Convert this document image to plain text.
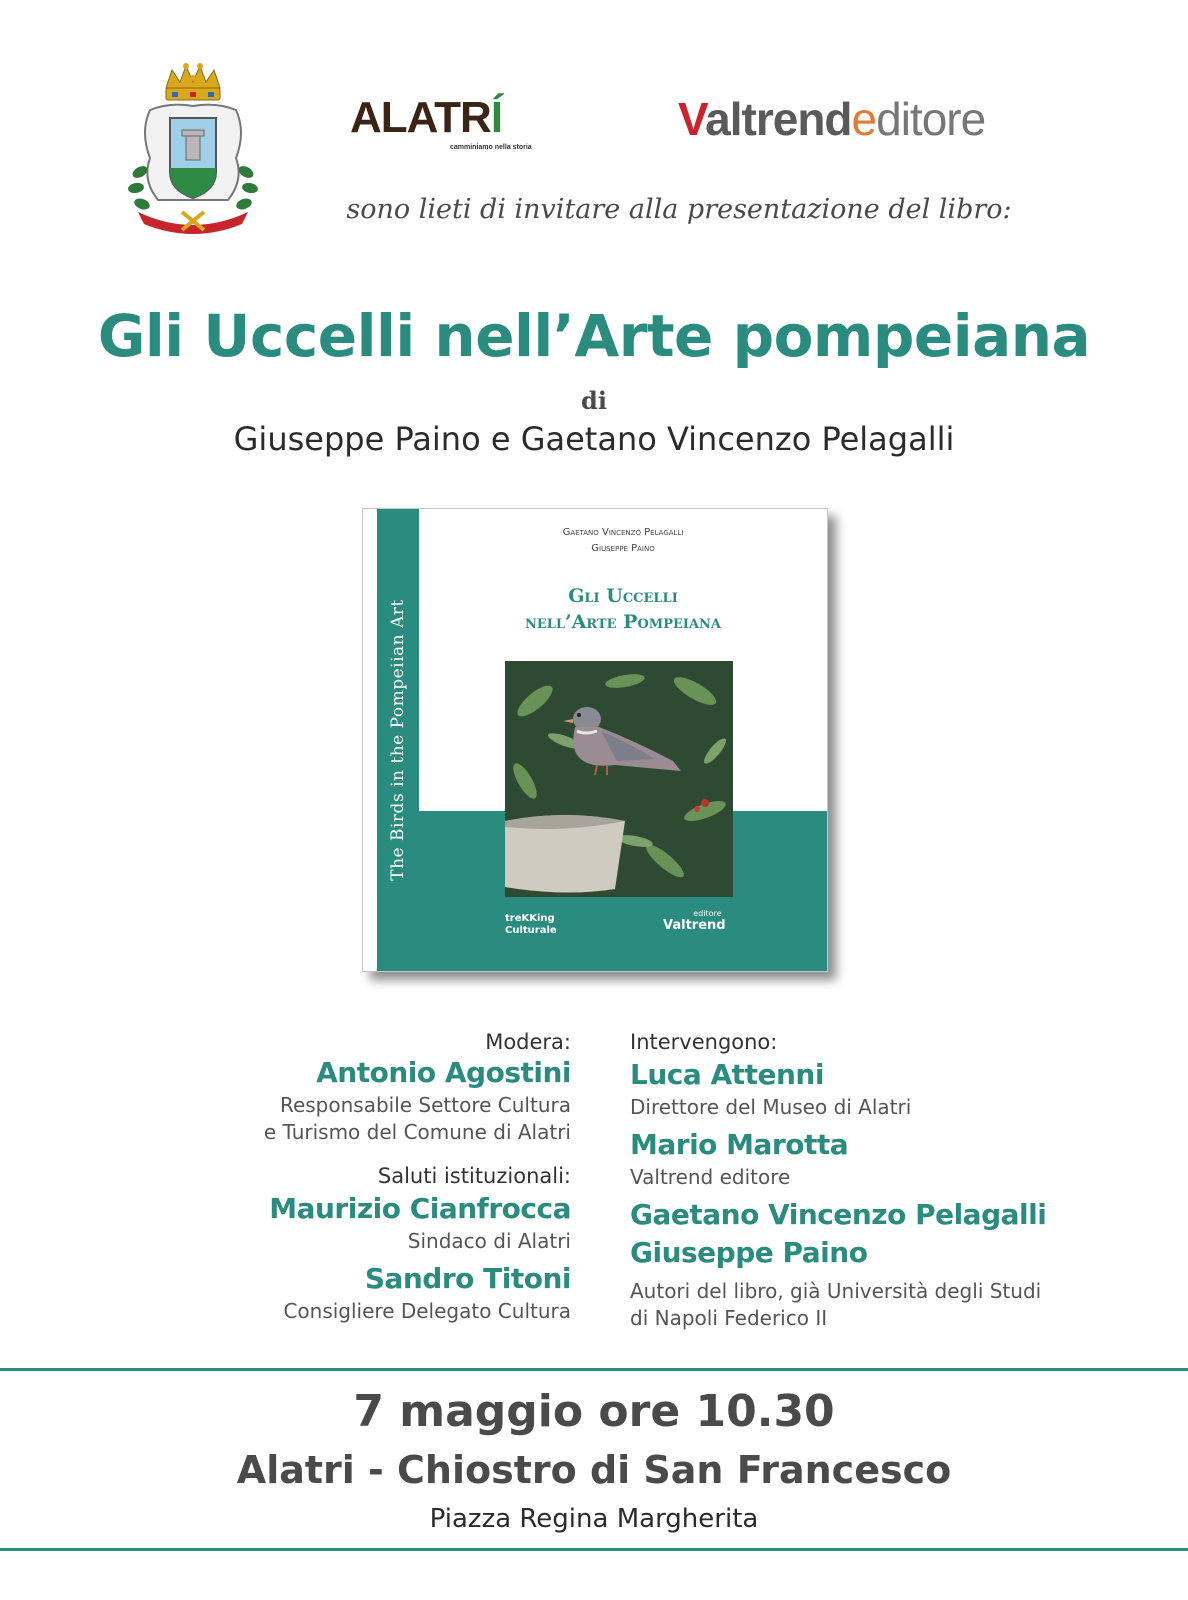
ALATRÍ
camminiamo nella storia
Valtrendeditore
sono lieti di invitare alla presentazione del libro:
Gli Uccelli nell’Arte pompeiana
di
Giuseppe Paino e Gaetano Vincenzo Pelagalli
The Birds in the Pompeiian Art
Gaetano Vincenzo Pelagalli
Giuseppe Paino
Gli Uccelli
nell’Arte Pompeiana
treKKing
Culturale
editore
Valtrend
Modera:
Antonio Agostini
Responsabile Settore Cultura
e Turismo del Comune di Alatri
Saluti istituzionali:
Maurizio Cianfrocca
Sindaco di Alatri
Sandro Titoni
Consigliere Delegato Cultura
Intervengono:
Luca Attenni
Direttore del Museo di Alatri
Mario Marotta
Valtrend editore
Gaetano Vincenzo Pelagalli
Giuseppe Paino
Autori del libro, già Università degli Studi
di Napoli Federico II
7 maggio ore 10.30
Alatri - Chiostro di San Francesco
Piazza Regina Margherita
